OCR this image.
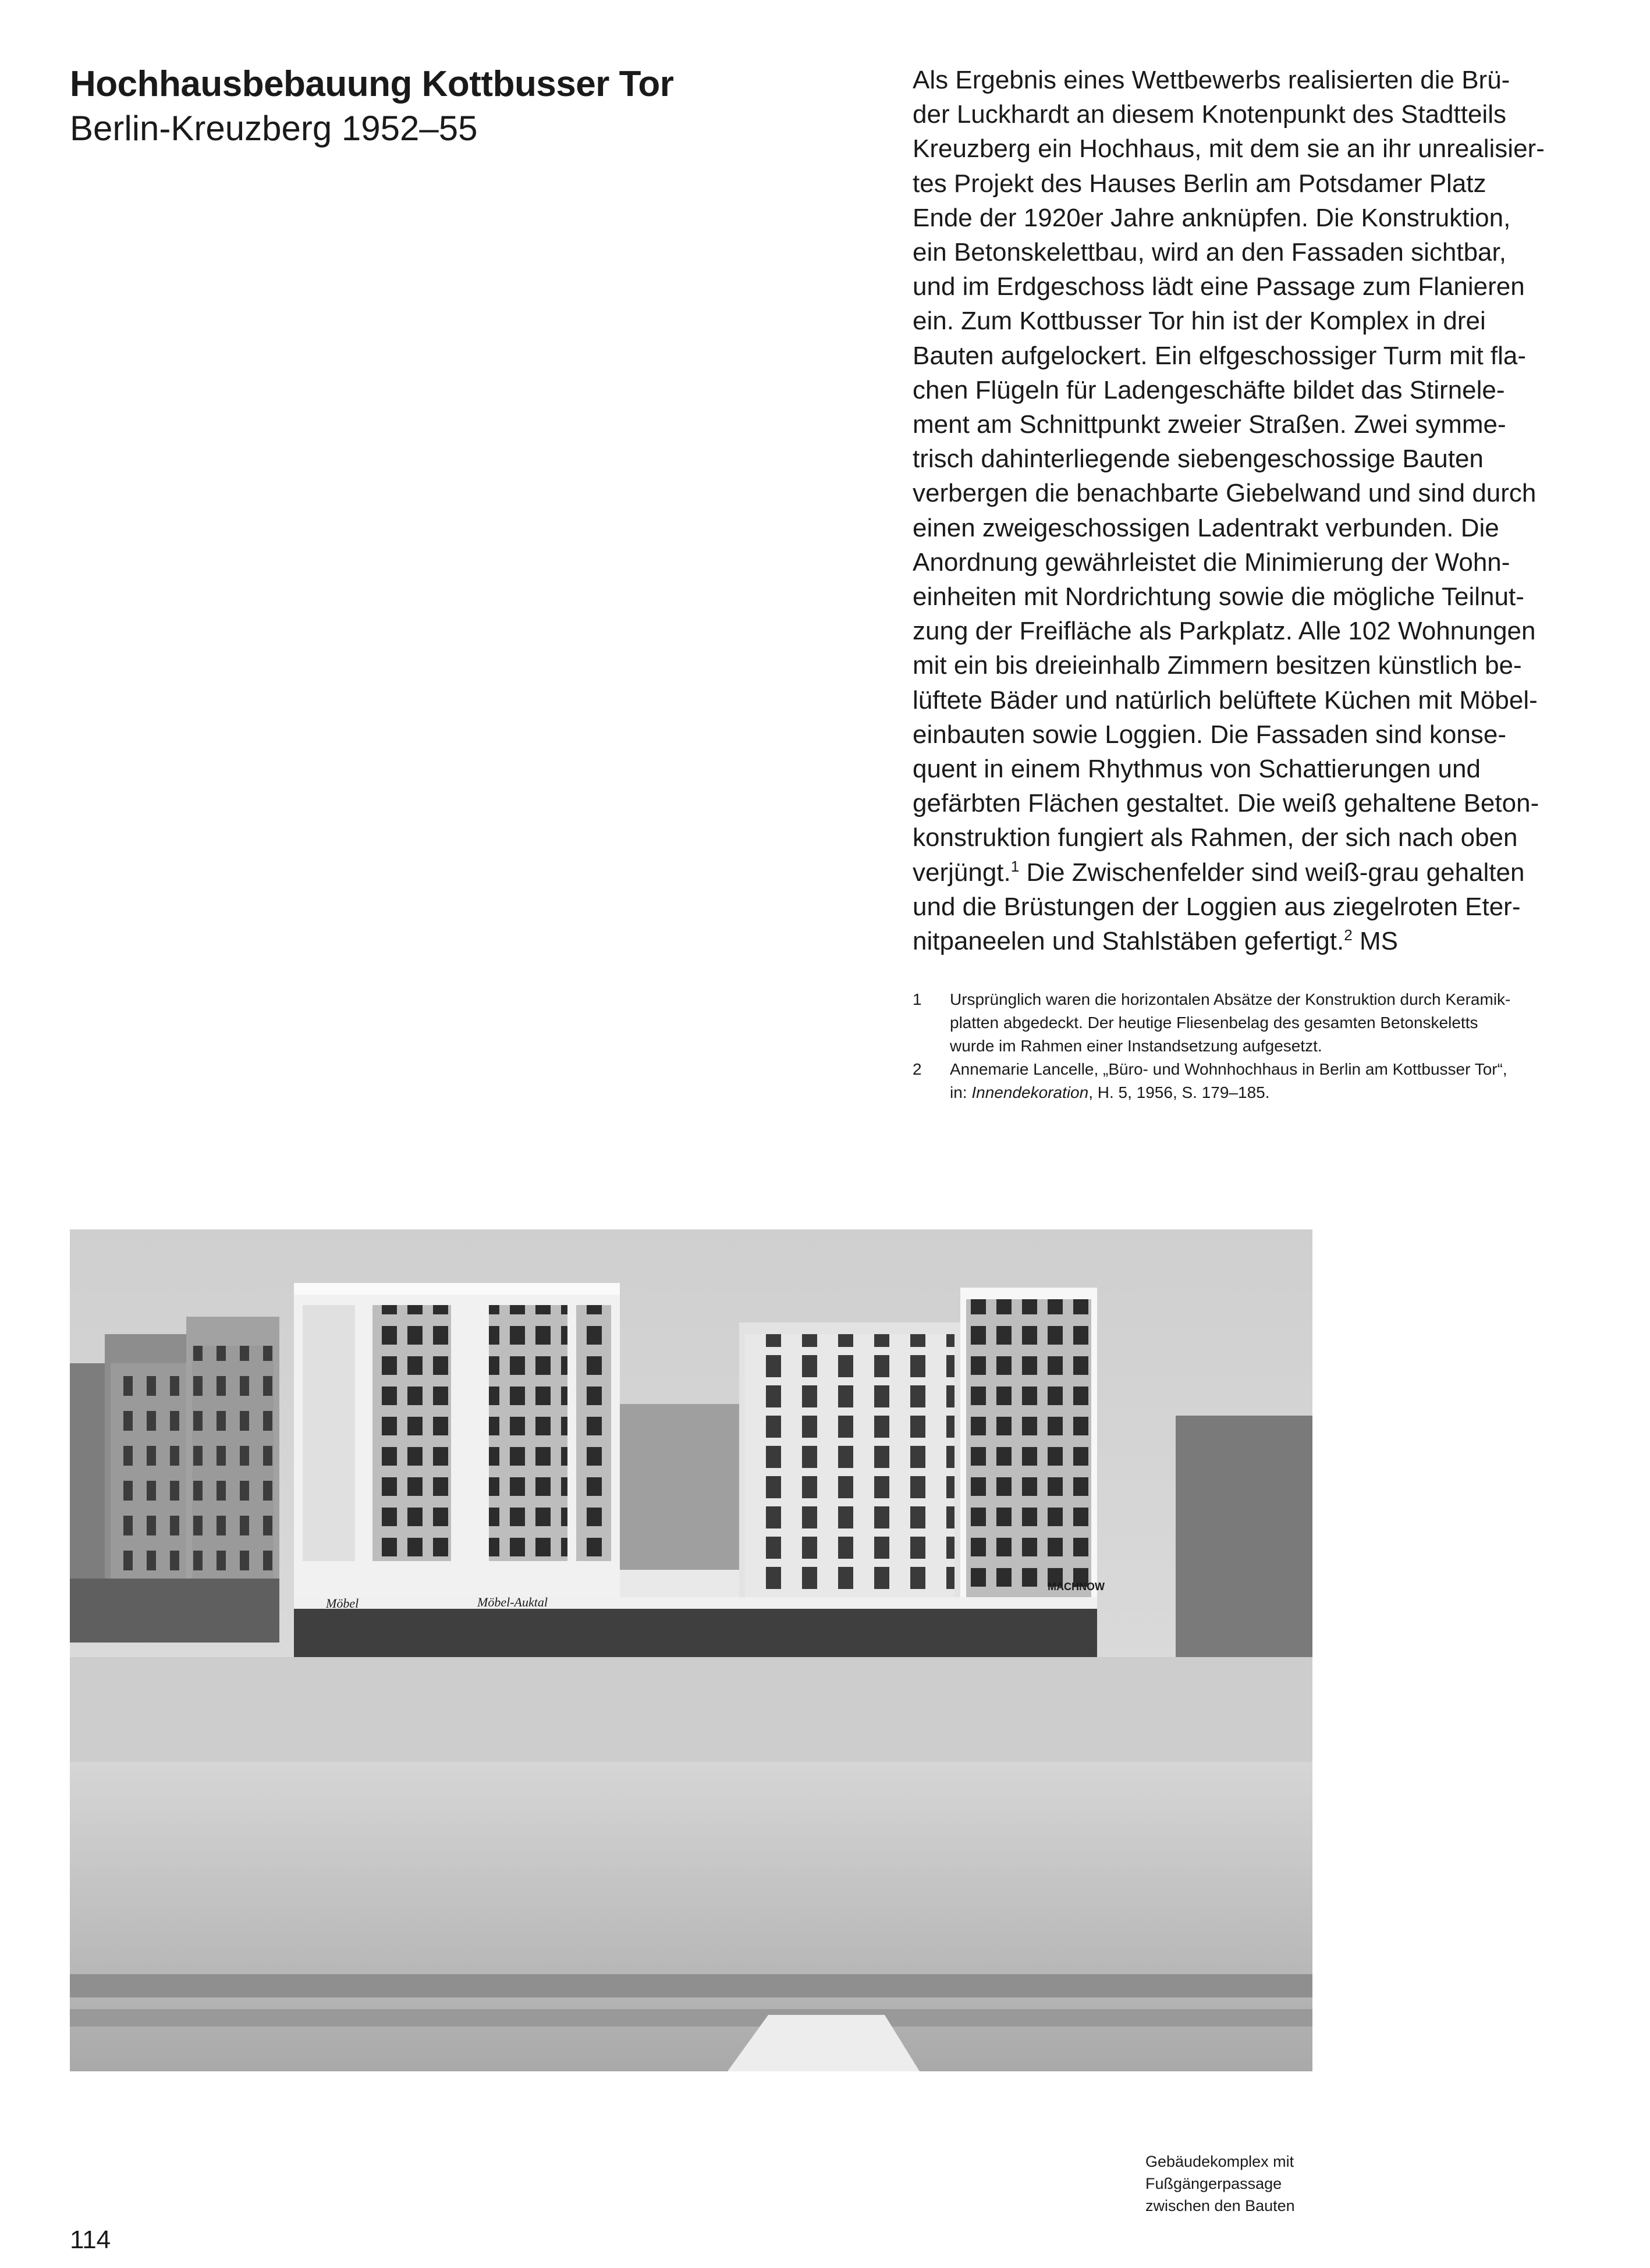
Hochhausbebauung Kottbusser Tor
Berlin-Kreuzberg 1952–55
Als Ergebnis eines Wettbewerbs realisierten die Brü-
der Luckhardt an diesem Knotenpunkt des Stadtteils
Kreuzberg ein Hochhaus, mit dem sie an ihr unrealisier-
tes Projekt des Hauses Berlin am Potsdamer Platz
Ende der 1920er Jahre anknüpfen. Die Konstruktion,
ein Betonskelettbau, wird an den Fassaden sichtbar,
und im Erdgeschoss lädt eine Passage zum Flanieren
ein. Zum Kottbusser Tor hin ist der Komplex in drei
Bauten aufgelockert. Ein elfgeschossiger Turm mit fla-
chen Flügeln für Ladengeschäfte bildet das Stirnele-
ment am Schnittpunkt zweier Straßen. Zwei symme-
trisch dahinterliegende siebengeschossige Bauten
verbergen die benachbarte Giebelwand und sind durch
einen zweigeschossigen Ladentrakt verbunden. Die
Anordnung gewährleistet die Minimierung der Wohn-
einheiten mit Nordrichtung sowie die mögliche Teilnut-
zung der Freifläche als Parkplatz. Alle 102 Wohnungen
mit ein bis dreieinhalb Zimmern besitzen künstlich be-
lüftete Bäder und natürlich belüftete Küchen mit Möbel-
einbauten sowie Loggien. Die Fassaden sind konse-
quent in einem Rhythmus von Schattierungen und
gefärbten Flächen gestaltet. Die weiß gehaltene Beton-
konstruktion fungiert als Rahmen, der sich nach oben
verjüngt.$^1$ Die Zwischenfelder sind weiß-grau gehalten
und die Brüstungen der Loggien aus ziegelroten Eter-
nitpaneelen und Stahlstäben gefertigt.$^2$ MS
1 Ursprünglich waren die horizontalen Absätze der Konstruktion durch Keramik-
platten abgedeckt. Der heutige Fliesenbelag des gesamten Betonskeletts
wurde im Rahmen einer Instandsetzung aufgesetzt.
2 Annemarie Lancelle, „Büro- und Wohnhochhaus in Berlin am Kottbusser Tor“,
in: Innendekoration, H. 5, 1956, S. 179–185.
Möbel	Möbel-Auktal
MACHNOW
Gebäudekomplex mit
Fußgängerpassage
zwischen den Bauten
114
